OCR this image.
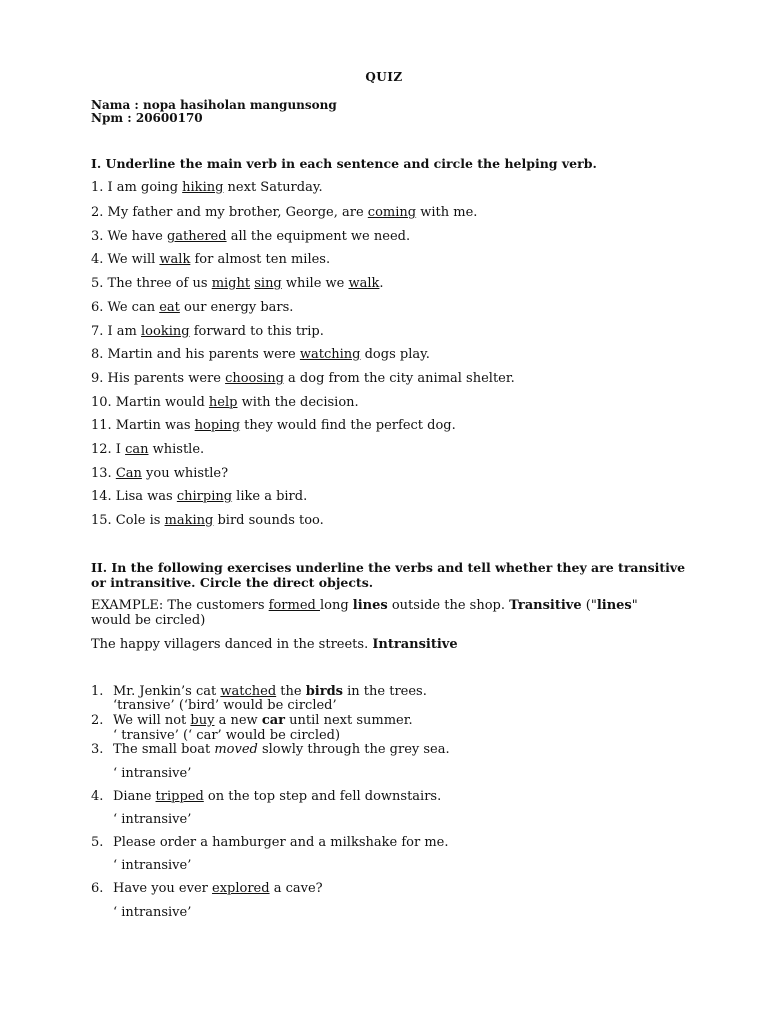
QUIZ
Nama : nopa hasiholan mangunsong
Npm : 20600170
I. Underline the main verb in each sentence and circle the helping verb.
1. I am going hiking next Saturday.
2. My father and my brother, George, are coming with me.
3. We have gathered all the equipment we need.
4. We will walk for almost ten miles.
5. The three of us might sing while we walk.
6. We can eat our energy bars.
7. I am looking forward to this trip.
8. Martin and his parents were watching dogs play.
9. His parents were choosing a dog from the city animal shelter.
10. Martin would help with the decision.
11. Martin was hoping they would find the perfect dog.
12. I can whistle.
13. Can you whistle?
14. Lisa was chirping like a bird.
15. Cole is making bird sounds too.
II. In the following exercises underline the verbs and tell whether they are transitive or intransitive. Circle the direct objects.
EXAMPLE: The customers formed long lines outside the shop. Transitive ("lines" would be circled)
The happy villagers danced in the streets. Intransitive
1. Mr. Jenkin’s cat watched the birds in the trees.
‘transive’ (‘bird’ would be circled’
2. We will not buy a new car until next summer.
‘ transive’ (‘ car’ would be circled)
3. The small boat moved slowly through the grey sea.
‘ intransive’
4. Diane tripped on the top step and fell downstairs.
‘ intransive’
5. Please order a hamburger and a milkshake for me.
‘ intransive’
6. Have you ever explored a cave?
‘ intransive’
